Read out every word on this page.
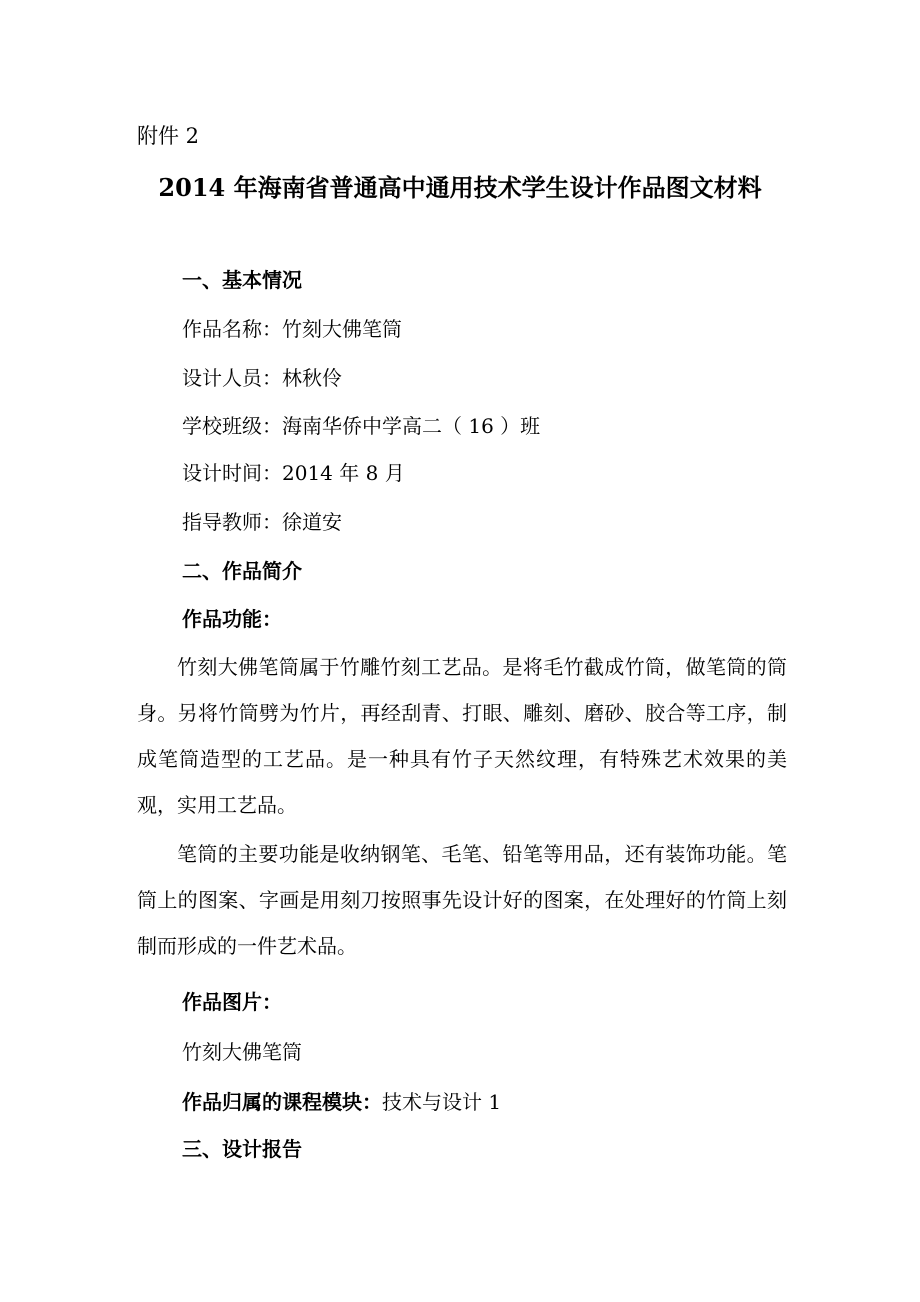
附件 2
2014 年海南省普通高中通用技术学生设计作品图文材料
一、基本情况
作品名称：竹刻大佛笔筒
设计人员：林秋伶
学校班级：海南华侨中学高二（ 16 ）班
设计时间：2014 年 8 月
指导教师：徐道安
二、作品简介
作品功能：
竹刻大佛笔筒属于竹雕竹刻工艺品。是将毛竹截成竹筒，做笔筒的筒身。另将竹筒劈为竹片，再经刮青、打眼、雕刻、磨砂、胶合等工序，制成笔筒造型的工艺品。是一种具有竹子天然纹理，有特殊艺术效果的美观，实用工艺品。
笔筒的主要功能是收纳钢笔、毛笔、铅笔等用品，还有装饰功能。笔筒上的图案、字画是用刻刀按照事先设计好的图案，在处理好的竹筒上刻制而形成的一件艺术品。
作品图片：
竹刻大佛笔筒
作品归属的课程模块：技术与设计 1
三、设计报告
